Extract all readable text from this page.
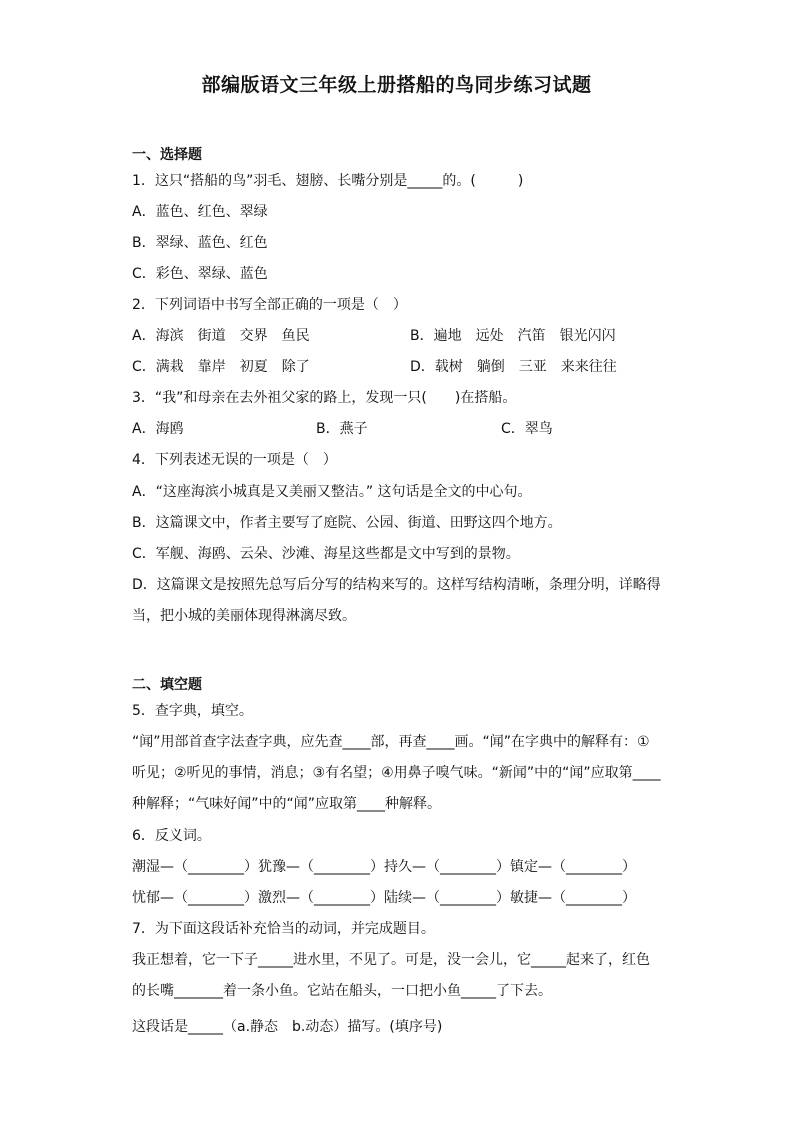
部编版语文三年级上册搭船的鸟同步练习试题
一、选择题
1．这只“搭船的鸟”羽毛、翅膀、长嘴分别是_____的。(　　　)
A．蓝色、红色、翠绿
B．翠绿、蓝色、红色
C．彩色、翠绿、蓝色
2．下列词语中书写全部正确的一项是（　）
A．海滨　街道　交界　鱼民	B．遍地　远处　汽笛　银光闪闪
C．满栽　靠岸　初夏　除了	D．载树　躺倒　三亚　来来往往
3．“我”和母亲在去外祖父家的路上，发现一只(　　)在搭船。
A．海鸥	B．燕子	C．翠鸟
4．下列表述无误的一项是（　）
A．“这座海滨小城真是又美丽又整洁。” 这句话是全文的中心句。
B．这篇课文中，作者主要写了庭院、公园、街道、田野这四个地方。
C．军舰、海鸥、云朵、沙滩、海星这些都是文中写到的景物。
D．这篇课文是按照先总写后分写的结构来写的。这样写结构清晰，条理分明，详略得当，把小城的美丽体现得淋漓尽致。
二、填空题
5．查字典，填空。
“闻”用部首查字法查字典，应先查____部，再查____画。“闻”在字典中的解释有：①听见；②听见的事情，消息；③有名望；④用鼻子嗅气味。“新闻”中的“闻”应取第____种解释；“气味好闻”中的“闻”应取第____种解释。
6．反义词。
潮湿—（________）犹豫—（________）持久—（________）镇定—（________）
忧郁—（________）激烈—（________）陆续—（________）敏捷—（________）
7．为下面这段话补充恰当的动词，并完成题目。
我正想着，它一下子_____进水里，不见了。可是，没一会儿，它_____起来了，红色的长嘴_______着一条小鱼。它站在船头，一口把小鱼_____了下去。
这段话是_____（a.静态　b.动态）描写。(填序号)
